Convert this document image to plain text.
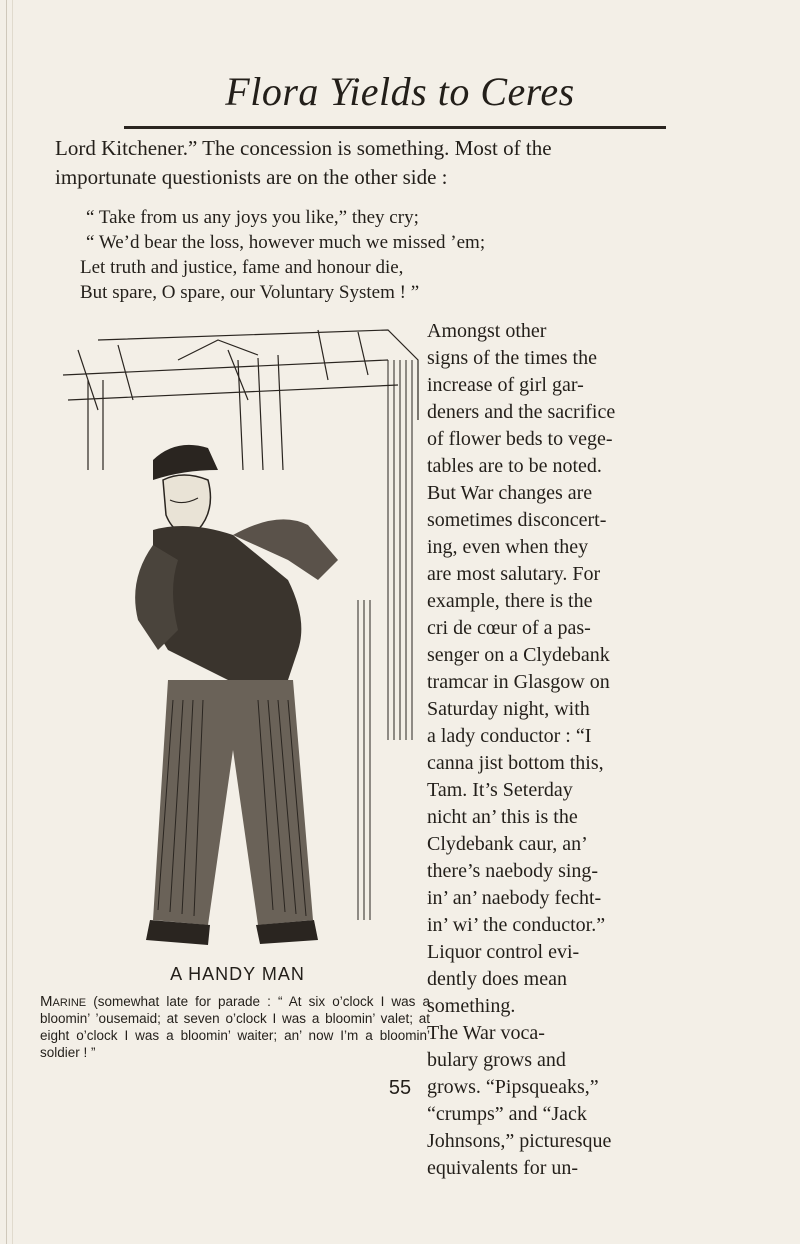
Flora Yields to Ceres
Lord Kitchener.” The concession is something. Most of the
importunate questionists are on the other side :
“ Take from us any joys you like,” they cry;
“ We’d bear the loss, however much we missed ’em;
Let truth and justice, fame and honour die,
But spare, O spare, our Voluntary System ! ”
A HANDY MAN
Marine (somewhat late for parade : “ At six o’clock I was a bloomin’ ’ousemaid; at seven o’clock I was a bloomin’ valet; at eight o’clock I was a bloomin’ waiter; an’ now I’m a bloomin’ soldier ! ”
Amongst other
signs of the times the
increase of girl gar-
deners and the sacrifice
of flower beds to vege-
tables are to be noted.
But War changes are
sometimes disconcert-
ing, even when they
are most salutary. For
example, there is the
cri de cœur of a pas-
senger on a Clydebank
tramcar in Glasgow on
Saturday night, with
a lady conductor : “I
canna jist bottom this,
Tam. It’s Seterday
nicht an’ this is the
Clydebank caur, an’
there’s naebody sing-
in’ an’ naebody fecht-
in’ wi’ the conductor.”
Liquor control evi-
dently does mean
something.
The War voca-
bulary grows and
grows. “Pipsqueaks,”
“crumps” and “Jack
Johnsons,” picturesque
equivalents for un-
55
